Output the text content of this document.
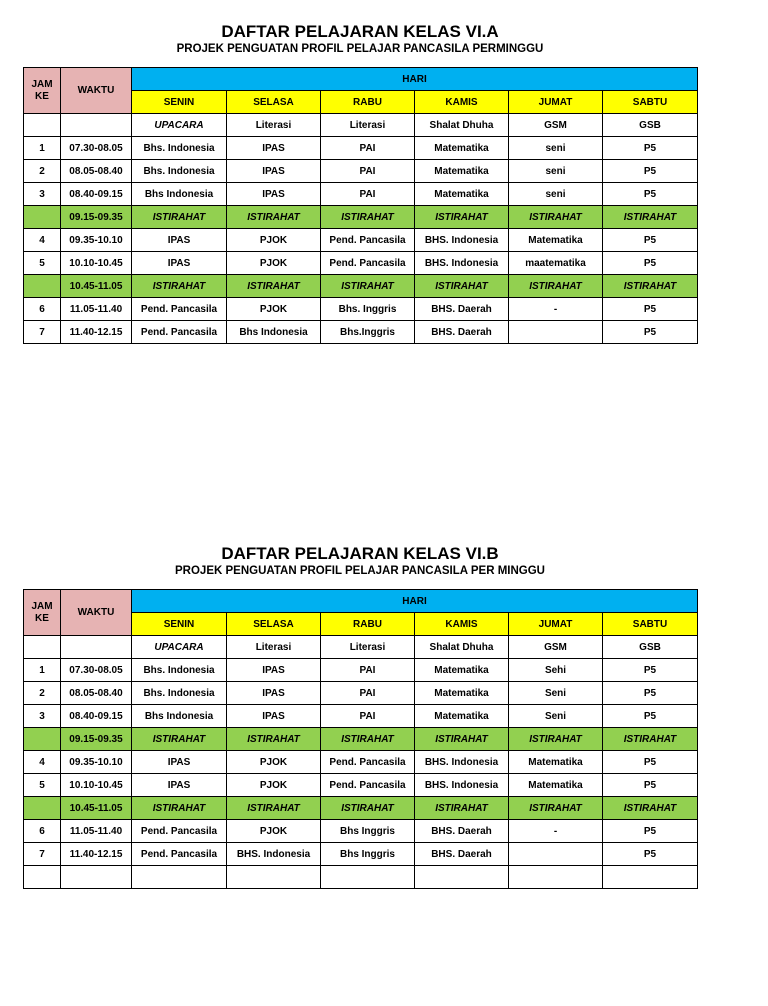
DAFTAR PELAJARAN KELAS VI.A
PROJEK PENGUATAN PROFIL PELAJAR PANCASILA PERMINGGU
JAM
KE	WAKTU	HARI					
		SENIN	SELASA	RABU	KAMIS	JUMAT	SABTU
		UPACARA	Literasi	Literasi	Shalat Dhuha	GSM	GSB
1	07.30-08.05	Bhs. Indonesia	IPAS	PAI	Matematika	seni	P5
2	08.05-08.40	Bhs. Indonesia	IPAS	PAI	Matematika	seni	P5
3	08.40-09.15	Bhs Indonesia	IPAS	PAI	Matematika	seni	P5
	09.15-09.35	ISTIRAHAT	ISTIRAHAT	ISTIRAHAT	ISTIRAHAT	ISTIRAHAT	ISTIRAHAT
4	09.35-10.10	IPAS	PJOK	Pend. Pancasila	BHS. Indonesia	Matematika	P5
5	10.10-10.45	IPAS	PJOK	Pend. Pancasila	BHS. Indonesia	maatematika	P5
	10.45-11.05	ISTIRAHAT	ISTIRAHAT	ISTIRAHAT	ISTIRAHAT	ISTIRAHAT	ISTIRAHAT
6	11.05-11.40	Pend. Pancasila	PJOK	Bhs. Inggris	BHS. Daerah	-	P5
7	11.40-12.15	Pend. Pancasila	Bhs Indonesia	Bhs.Inggris	BHS. Daerah		P5
DAFTAR PELAJARAN KELAS VI.B
PROJEK PENGUATAN PROFIL PELAJAR PANCASILA PER MINGGU
JAM
KE	WAKTU	HARI					
		SENIN	SELASA	RABU	KAMIS	JUMAT	SABTU
		UPACARA	Literasi	Literasi	Shalat Dhuha	GSM	GSB
1	07.30-08.05	Bhs. Indonesia	IPAS	PAI	Matematika	Sehi	P5
2	08.05-08.40	Bhs. Indonesia	IPAS	PAI	Matematika	Seni	P5
3	08.40-09.15	Bhs Indonesia	IPAS	PAI	Matematika	Seni	P5
	09.15-09.35	ISTIRAHAT	ISTIRAHAT	ISTIRAHAT	ISTIRAHAT	ISTIRAHAT	ISTIRAHAT
4	09.35-10.10	IPAS	PJOK	Pend. Pancasila	BHS. Indonesia	Matematika	P5
5	10.10-10.45	IPAS	PJOK	Pend. Pancasila	BHS. Indonesia	Matematika	P5
	10.45-11.05	ISTIRAHAT	ISTIRAHAT	ISTIRAHAT	ISTIRAHAT	ISTIRAHAT	ISTIRAHAT
6	11.05-11.40	Pend. Pancasila	PJOK	Bhs Inggris	BHS. Daerah	-	P5
7	11.40-12.15	Pend. Pancasila	BHS. Indonesia	Bhs Inggris	BHS. Daerah		P5
